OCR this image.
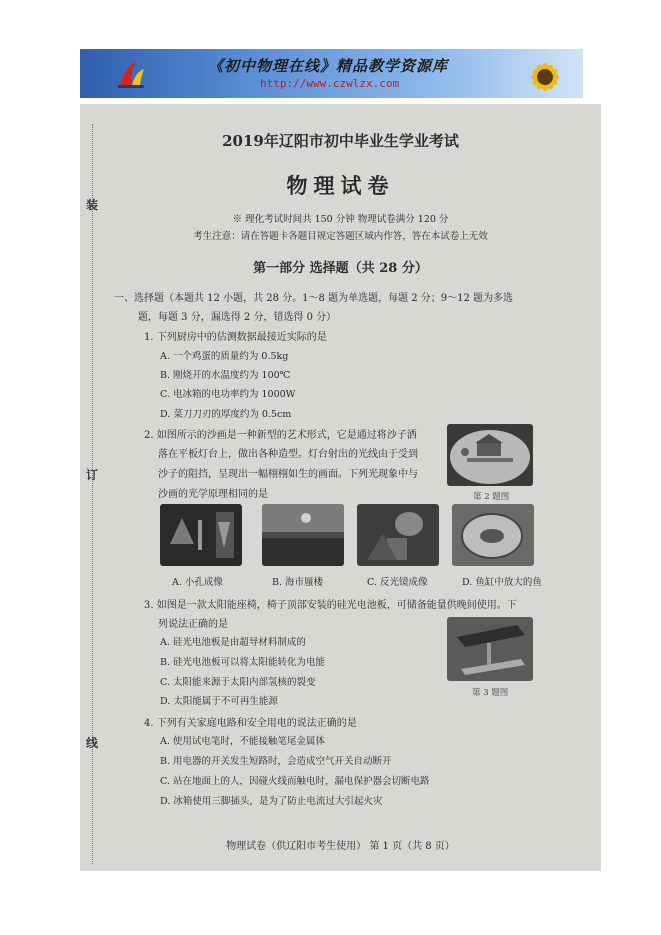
《初中物理在线》精品教学资源库
http://www.czwlzx.com
装
订
线
2019年辽阳市初中毕业生学业考试
物理试卷
※ 理化考试时间共 150 分钟 物理试卷满分 120 分
考生注意：请在答题卡各题目规定答题区域内作答，答在本试卷上无效
第一部分 选择题（共 28 分）
一、选择题（本题共 12 小题，共 28 分。1～8 题为单选题，每题 2 分；9～12 题为多选
题，每题 3 分，漏选得 2 分，错选得 0 分）
1. 下列厨房中的估测数据最接近实际的是
A. 一个鸡蛋的质量约为 0.5kg
B. 刚烧开的水温度约为 100℃
C. 电冰箱的电功率约为 1000W
D. 菜刀刀刃的厚度约为 0.5cm
2. 如图所示的沙画是一种新型的艺术形式，它是通过将沙子洒
落在平板灯台上，做出各种造型。灯台射出的光线由于受到
沙子的阻挡，呈现出一幅栩栩如生的画面。下列光现象中与
沙画的光学原理相同的是	第 2 题图
A. 小孔成像	B. 海市蜃楼	C. 反光镜成像	D. 鱼缸中放大的鱼
3. 如图是一款太阳能座椅，椅子顶部安装的硅光电池板，可储备能量供晚间使用。下
列说法正确的是
A. 硅光电池板是由超导材料制成的
B. 硅光电池板可以将太阳能转化为电能
C. 太阳能来源于太阳内部氢核的裂变
D. 太阳能属于不可再生能源
第 3 题图
4. 下列有关家庭电路和安全用电的说法正确的是
A. 使用试电笔时，不能接触笔尾金属体
B. 用电器的开关发生短路时，会造成空气开关自动断开
C. 站在地面上的人，因碰火线而触电时，漏电保护器会切断电路
D. 冰箱使用三脚插头，是为了防止电流过大引起火灾
物理试卷（供辽阳市考生使用） 第 1 页（共 8 页）
